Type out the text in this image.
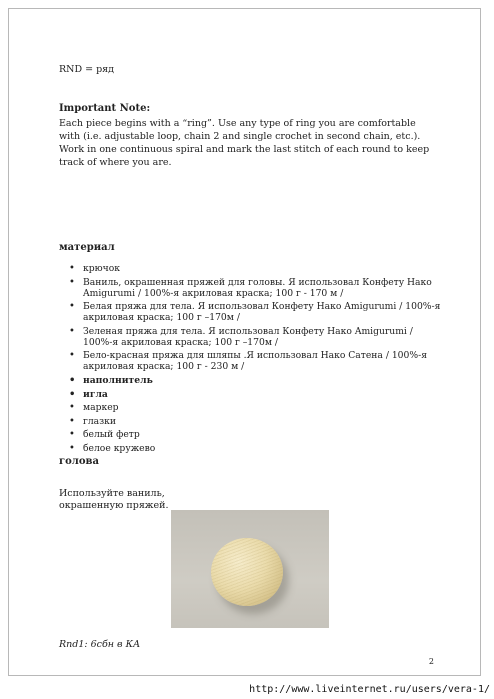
RND = ряд

Important Note:

Each piece begins with a “ring”. Use any type of ring you are comfortable with (i.e. adjustable loop, chain 2 and single crochet in second chain, etc.). Work in one continuous spiral and mark the last stitch of each round to keep track of where you are.

материал

• крючок
• Ваниль, окрашенная пряжей для головы. Я использовал Конфету Нако Amigurumi / 100%-я акриловая краска; 100 г - 170 м /
• Белая пряжа для тела. Я использовал Конфету Нако Amigurumi / 100%-я акриловая краска; 100 г –170м /
• Зеленая пряжа для тела. Я использовал Конфету Нако Amigurumi / 100%-я акриловая краска; 100 г –170м /
• Бело-красная пряжа для шляпы .Я использовал Нако Сатена / 100%-я акриловая краска; 100 г - 230 м /
• наполнитель
• игла
• маркер
• глазки
• белый фетр
• белое кружево

голова

Используйте ваниль, окрашенную пряжей.

Rnd1: 6сбн в КА

2

http://www.liveinternet.ru/users/vera-1/
